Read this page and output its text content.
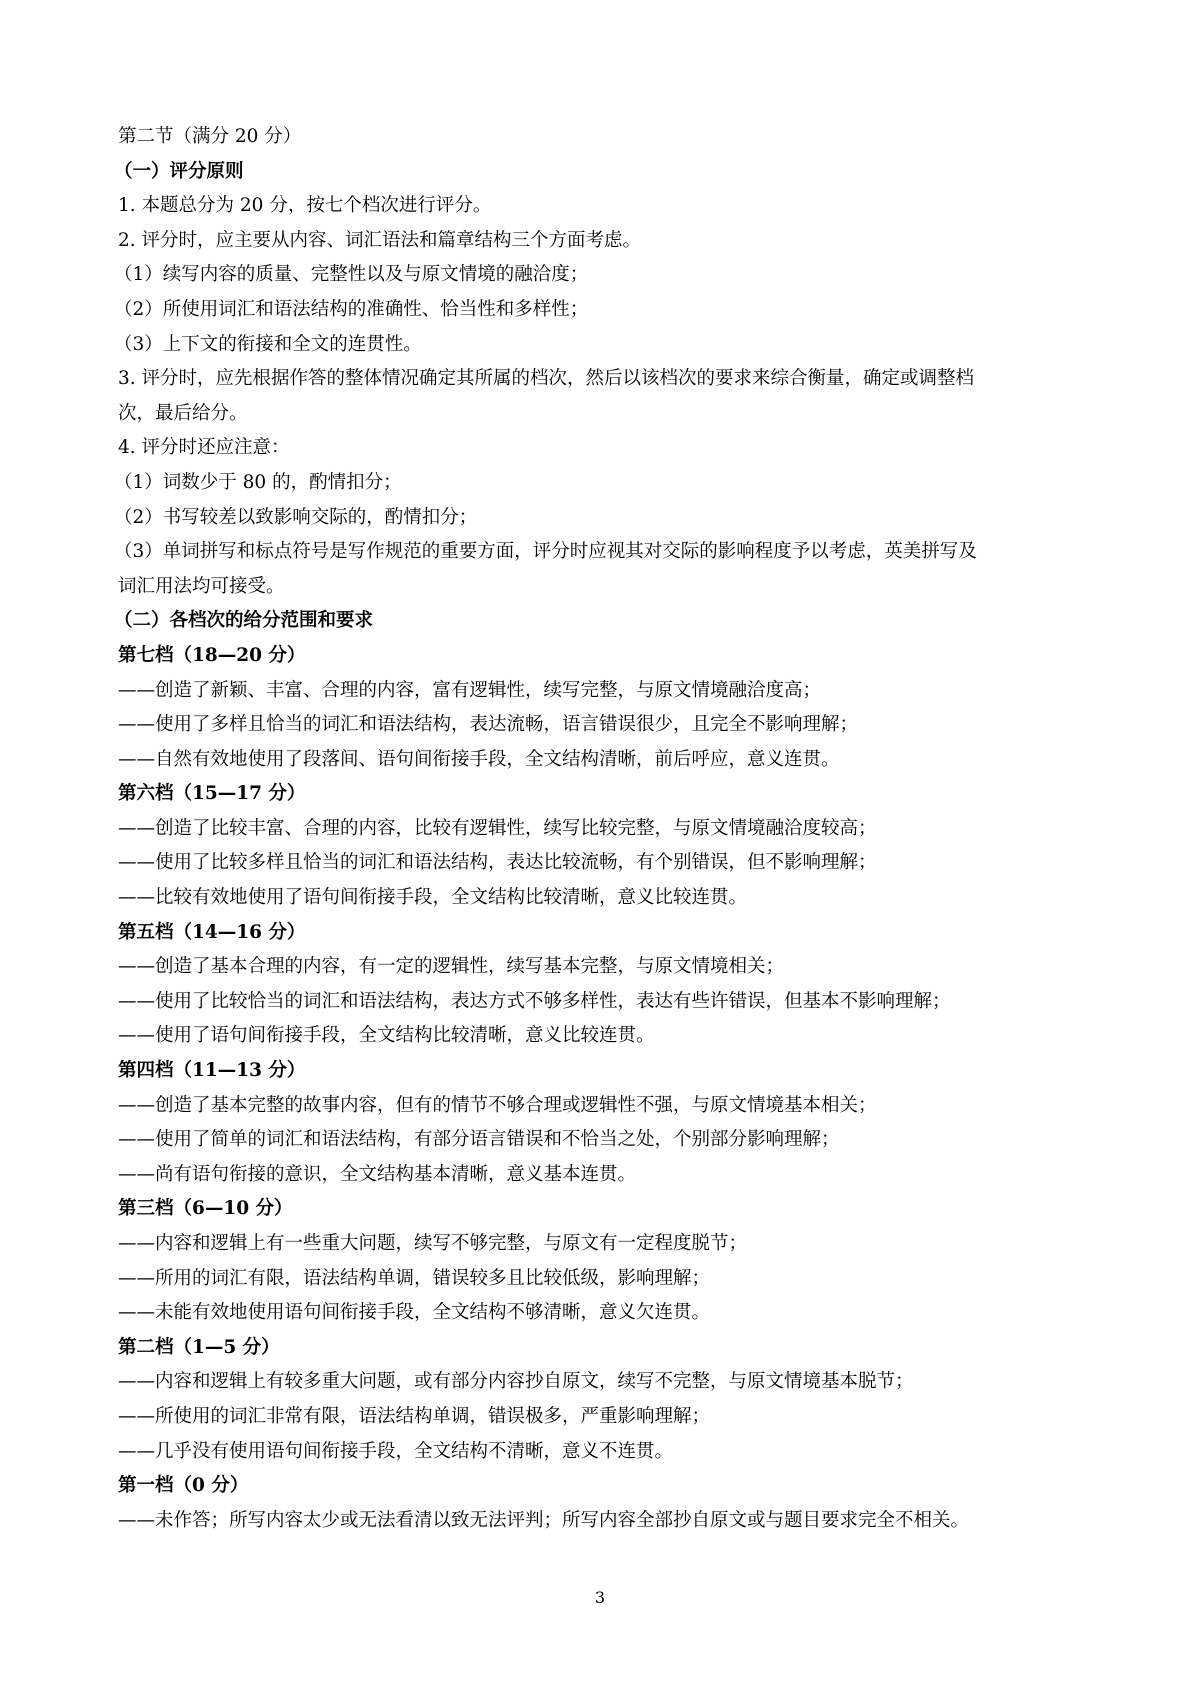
第二节（满分 20 分）
（一）评分原则
1. 本题总分为 20 分，按七个档次进行评分。
2. 评分时，应主要从内容、词汇语法和篇章结构三个方面考虑。
（1）续写内容的质量、完整性以及与原文情境的融洽度；
（2）所使用词汇和语法结构的准确性、恰当性和多样性；
（3）上下文的衔接和全文的连贯性。
3. 评分时，应先根据作答的整体情况确定其所属的档次，然后以该档次的要求来综合衡量，确定或调整档
次，最后给分。
4. 评分时还应注意：
（1）词数少于 80 的，酌情扣分；
（2）书写较差以致影响交际的，酌情扣分；
（3）单词拼写和标点符号是写作规范的重要方面，评分时应视其对交际的影响程度予以考虑，英美拼写及
词汇用法均可接受。
（二）各档次的给分范围和要求
第七档（18—20 分）
——创造了新颖、丰富、合理的内容，富有逻辑性，续写完整，与原文情境融洽度高；
——使用了多样且恰当的词汇和语法结构，表达流畅，语言错误很少，且完全不影响理解；
——自然有效地使用了段落间、语句间衔接手段，全文结构清晰，前后呼应，意义连贯。
第六档（15—17 分）
——创造了比较丰富、合理的内容，比较有逻辑性，续写比较完整，与原文情境融洽度较高；
——使用了比较多样且恰当的词汇和语法结构，表达比较流畅，有个别错误，但不影响理解；
——比较有效地使用了语句间衔接手段，全文结构比较清晰，意义比较连贯。
第五档（14—16 分）
——创造了基本合理的内容，有一定的逻辑性，续写基本完整，与原文情境相关；
——使用了比较恰当的词汇和语法结构，表达方式不够多样性，表达有些许错误，但基本不影响理解；
——使用了语句间衔接手段，全文结构比较清晰，意义比较连贯。
第四档（11—13 分）
——创造了基本完整的故事内容，但有的情节不够合理或逻辑性不强，与原文情境基本相关；
——使用了简单的词汇和语法结构，有部分语言错误和不恰当之处，个别部分影响理解；
——尚有语句衔接的意识，全文结构基本清晰，意义基本连贯。
第三档（6—10 分）
——内容和逻辑上有一些重大问题，续写不够完整，与原文有一定程度脱节；
——所用的词汇有限，语法结构单调，错误较多且比较低级，影响理解；
——未能有效地使用语句间衔接手段，全文结构不够清晰，意义欠连贯。
第二档（1—5 分）
——内容和逻辑上有较多重大问题，或有部分内容抄自原文，续写不完整，与原文情境基本脱节；
——所使用的词汇非常有限，语法结构单调，错误极多，严重影响理解；
——几乎没有使用语句间衔接手段，全文结构不清晰，意义不连贯。
第一档（0 分）
——未作答；所写内容太少或无法看清以致无法评判；所写内容全部抄自原文或与题目要求完全不相关。
3
